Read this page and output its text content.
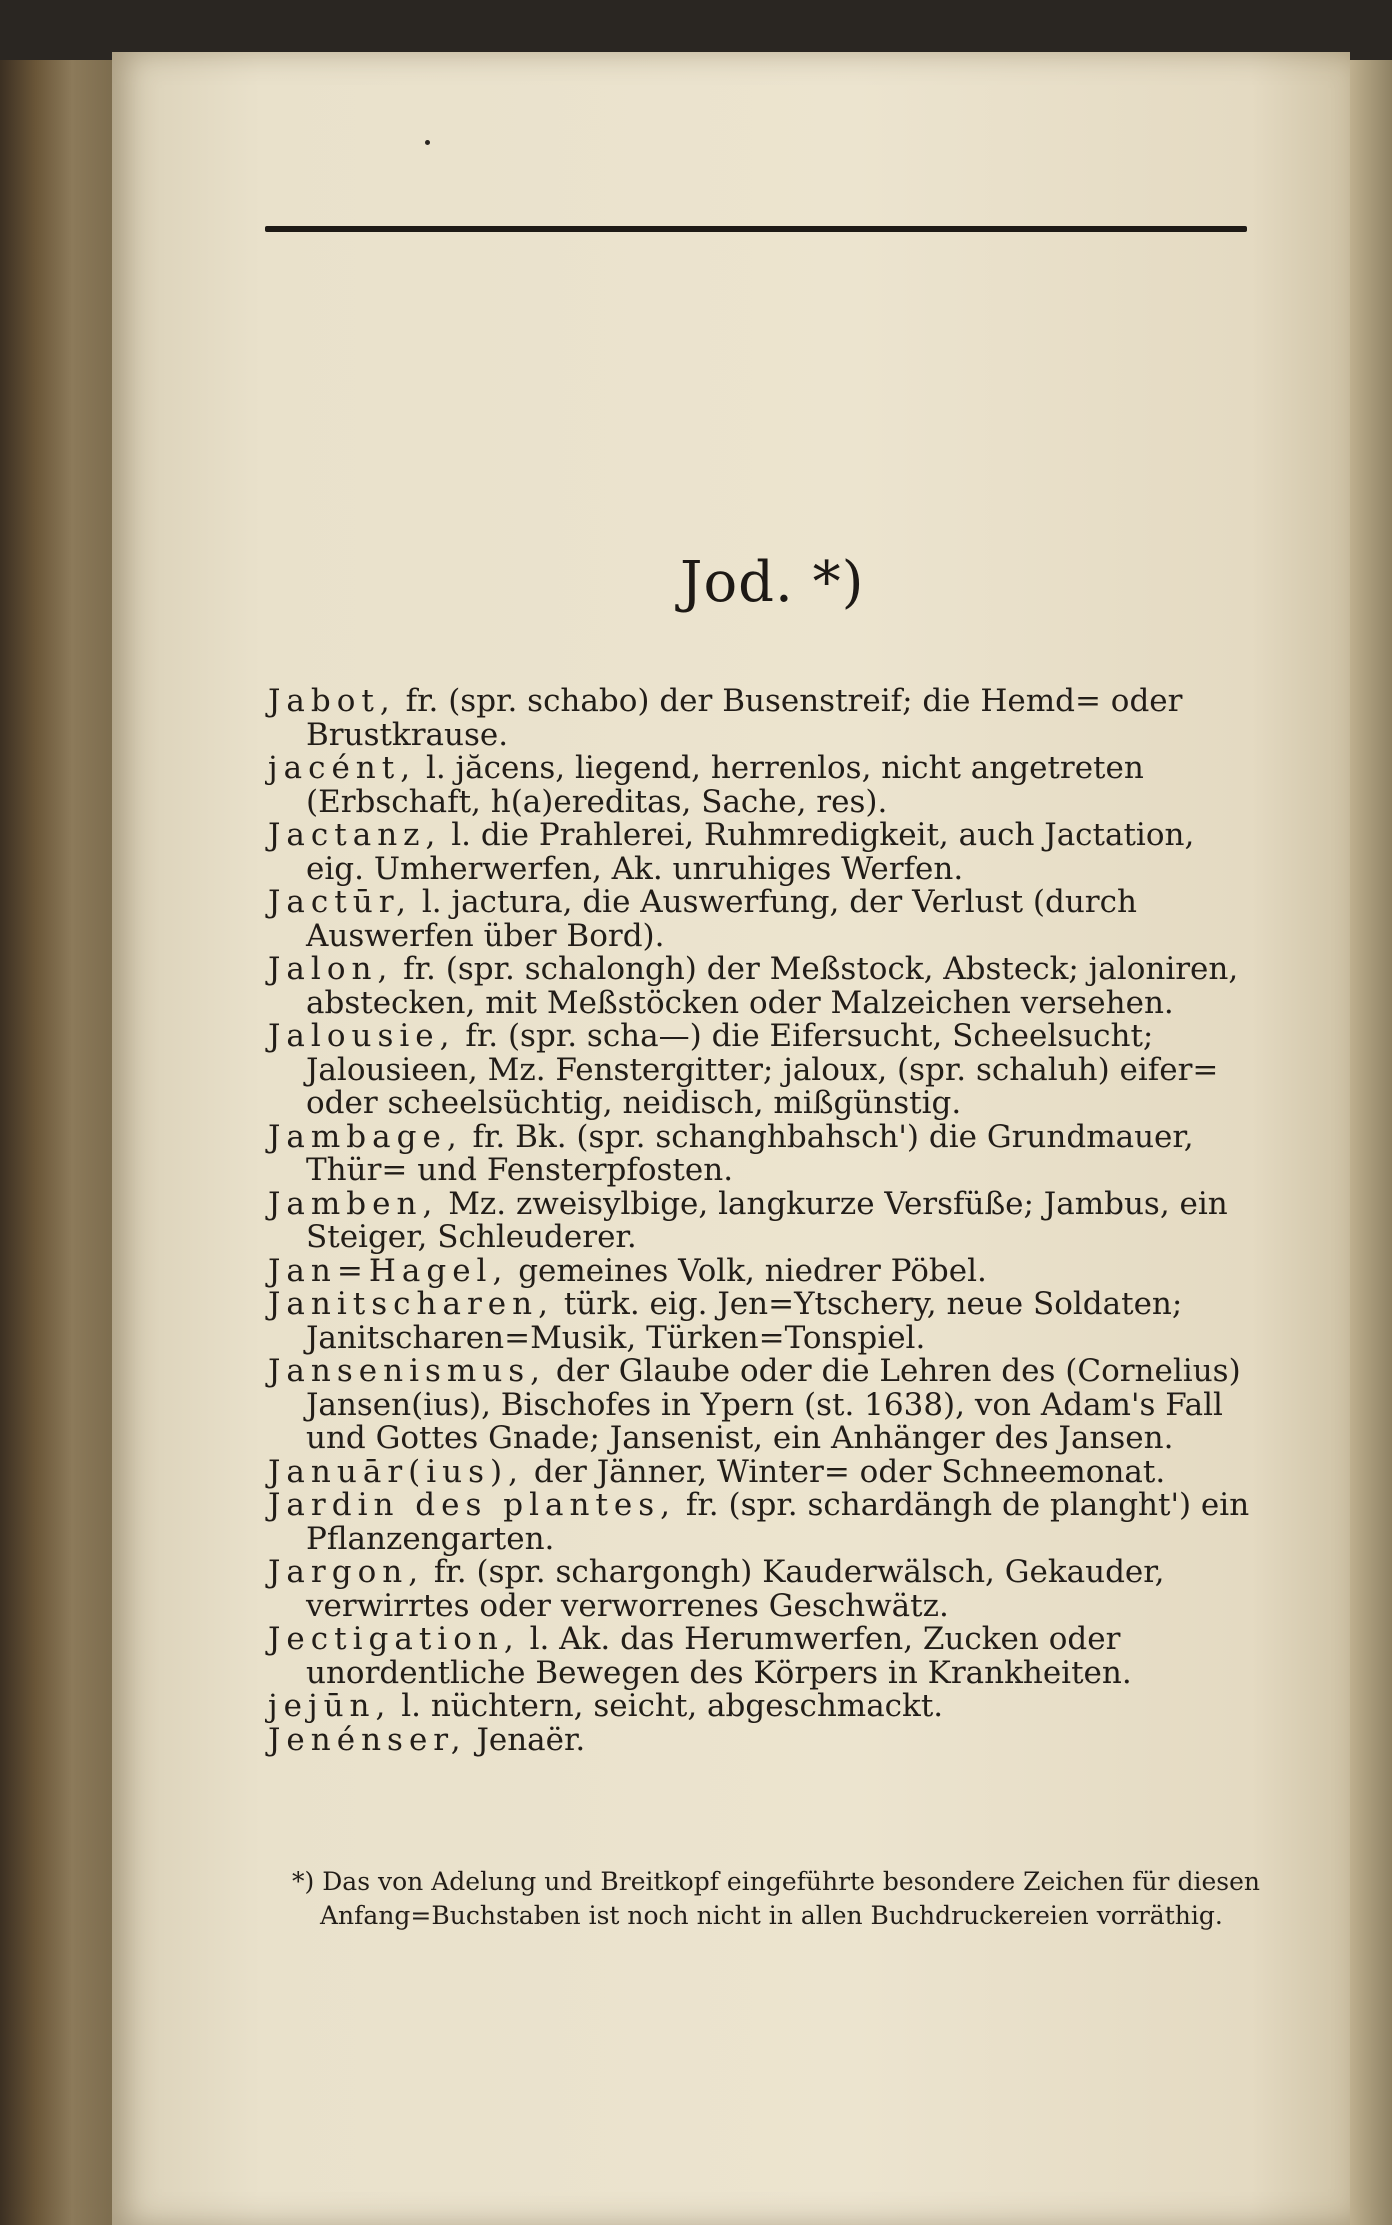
Jod. *)

Jabot, fr. (spr. schabo) der Busenstreif; die Hemd= oder Brustkrause.

jacént, l. jăcens, liegend, herrenlos, nicht angetreten (Erbschaft, h(a)ereditas, Sache, res).

Jactanz, l. die Prahlerei, Ruhmredigkeit, auch Jactation, eig. Umherwerfen, Ak. unruhiges Werfen.

Jactūr, l. jactura, die Auswerfung, der Verlust (durch Auswerfen über Bord).

Jalon, fr. (spr. schalongh) der Meßstock, Absteck; jaloniren, abstecken, mit Meßstöcken oder Malzeichen versehen.

Jalousie, fr. (spr. scha—) die Eifersucht, Scheelsucht; Jalousieen, Mz. Fenstergitter; jaloux, (spr. schaluh) eifer= oder scheelsüchtig, neidisch, mißgünstig.

Jambage, fr. Bk. (spr. schanghbahsch') die Grundmauer, Thür= und Fensterpfosten.

Jamben, Mz. zweisylbige, langkurze Versfüße; Jambus, ein Steiger, Schleuderer.

Jan=Hagel, gemeines Volk, niedrer Pöbel.

Janitscharen, türk. eig. Jen=Ytschery, neue Soldaten; Janitscharen=Musik, Türken=Tonspiel.

Jansenismus, der Glaube oder die Lehren des (Cornelius) Jansen(ius), Bischofes in Ypern (st. 1638), von Adam's Fall und Gottes Gnade; Jansenist, ein Anhänger des Jansen.

Januār(ius), der Jänner, Winter= oder Schneemonat.

Jardin des plantes, fr. (spr. schardängh de planght') ein Pflanzengarten.

Jargon, fr. (spr. schargongh) Kauderwälsch, Gekauder, verwirrtes oder verworrenes Geschwätz.

Jectigation, l. Ak. das Herumwerfen, Zucken oder unordentliche Bewegen des Körpers in Krankheiten.

jejūn, l. nüchtern, seicht, abgeschmackt.

Jenénser, Jenaër.

*) Das von Adelung und Breitkopf eingeführte besondere Zeichen für diesen Anfang=Buchstaben ist noch nicht in allen Buchdruckereien vorräthig.
